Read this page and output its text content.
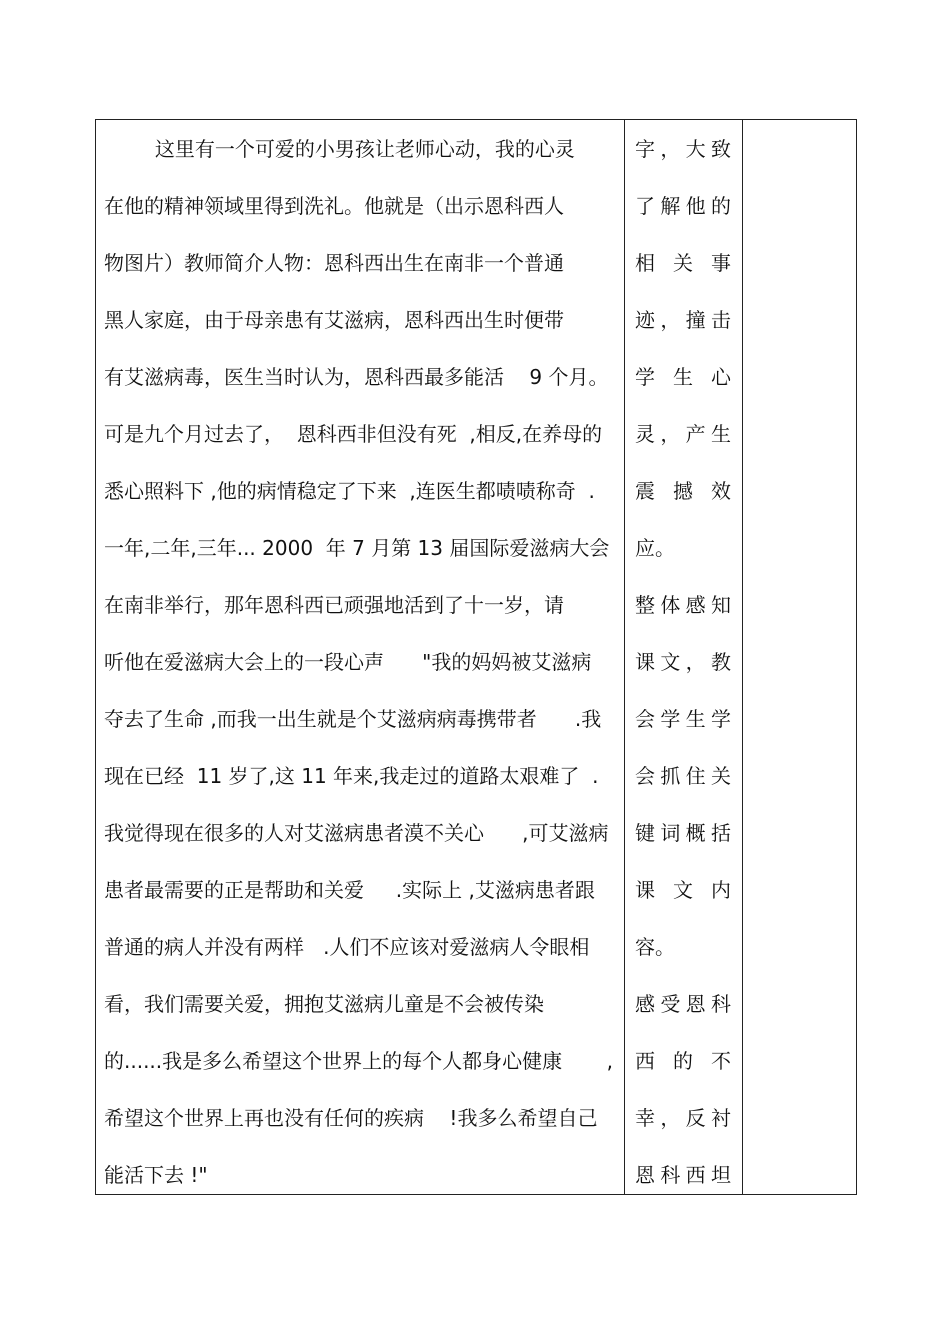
这里有一个可爱的小男孩让老师心动，我的心灵
在他的精神领域里得到洗礼。他就是（出示恩科西人
物图片）教师简介人物：恩科西出生在南非一个普通
黑人家庭，由于母亲患有艾滋病，恩科西出生时便带
有艾滋病毒，医生当时认为，恩科西最多能活    9 个月。
可是九个月过去了，  恩科西非但没有死  ,相反,在养母的
悉心照料下 ,他的病情稳定了下来  ,连医生都啧啧称奇  .
一年,二年,三年... 2000  年 7 月第 13 届国际爱滋病大会
在南非举行，那年恩科西已顽强地活到了十一岁，请
听他在爱滋病大会上的一段心声      "我的妈妈被艾滋病
夺去了生命 ,而我一出生就是个艾滋病病毒携带者      .我
现在已经  11 岁了,这 11 年来,我走过的道路太艰难了  .
我觉得现在很多的人对艾滋病患者漠不关心      ,可艾滋病
患者最需要的正是帮助和关爱     .实际上 ,艾滋病患者跟
普通的病人并没有两样   .人们不应该对爱滋病人令眼相
看，我们需要关爱，拥抱艾滋病儿童是不会被传染
的......我是多么希望这个世界上的每个人都身心健康       ,
希望这个世界上再也没有任何的疾病    !我多么希望自己
能活下去 !"
字，大致
了解他的
相关事
迹，撞击
学生心
灵，产生
震撼效
应。
整体感知
课文，教
会学生学
会抓住关
键词概括
课文内
容。
感受恩科
西的不
幸，反衬
恩科西坦
